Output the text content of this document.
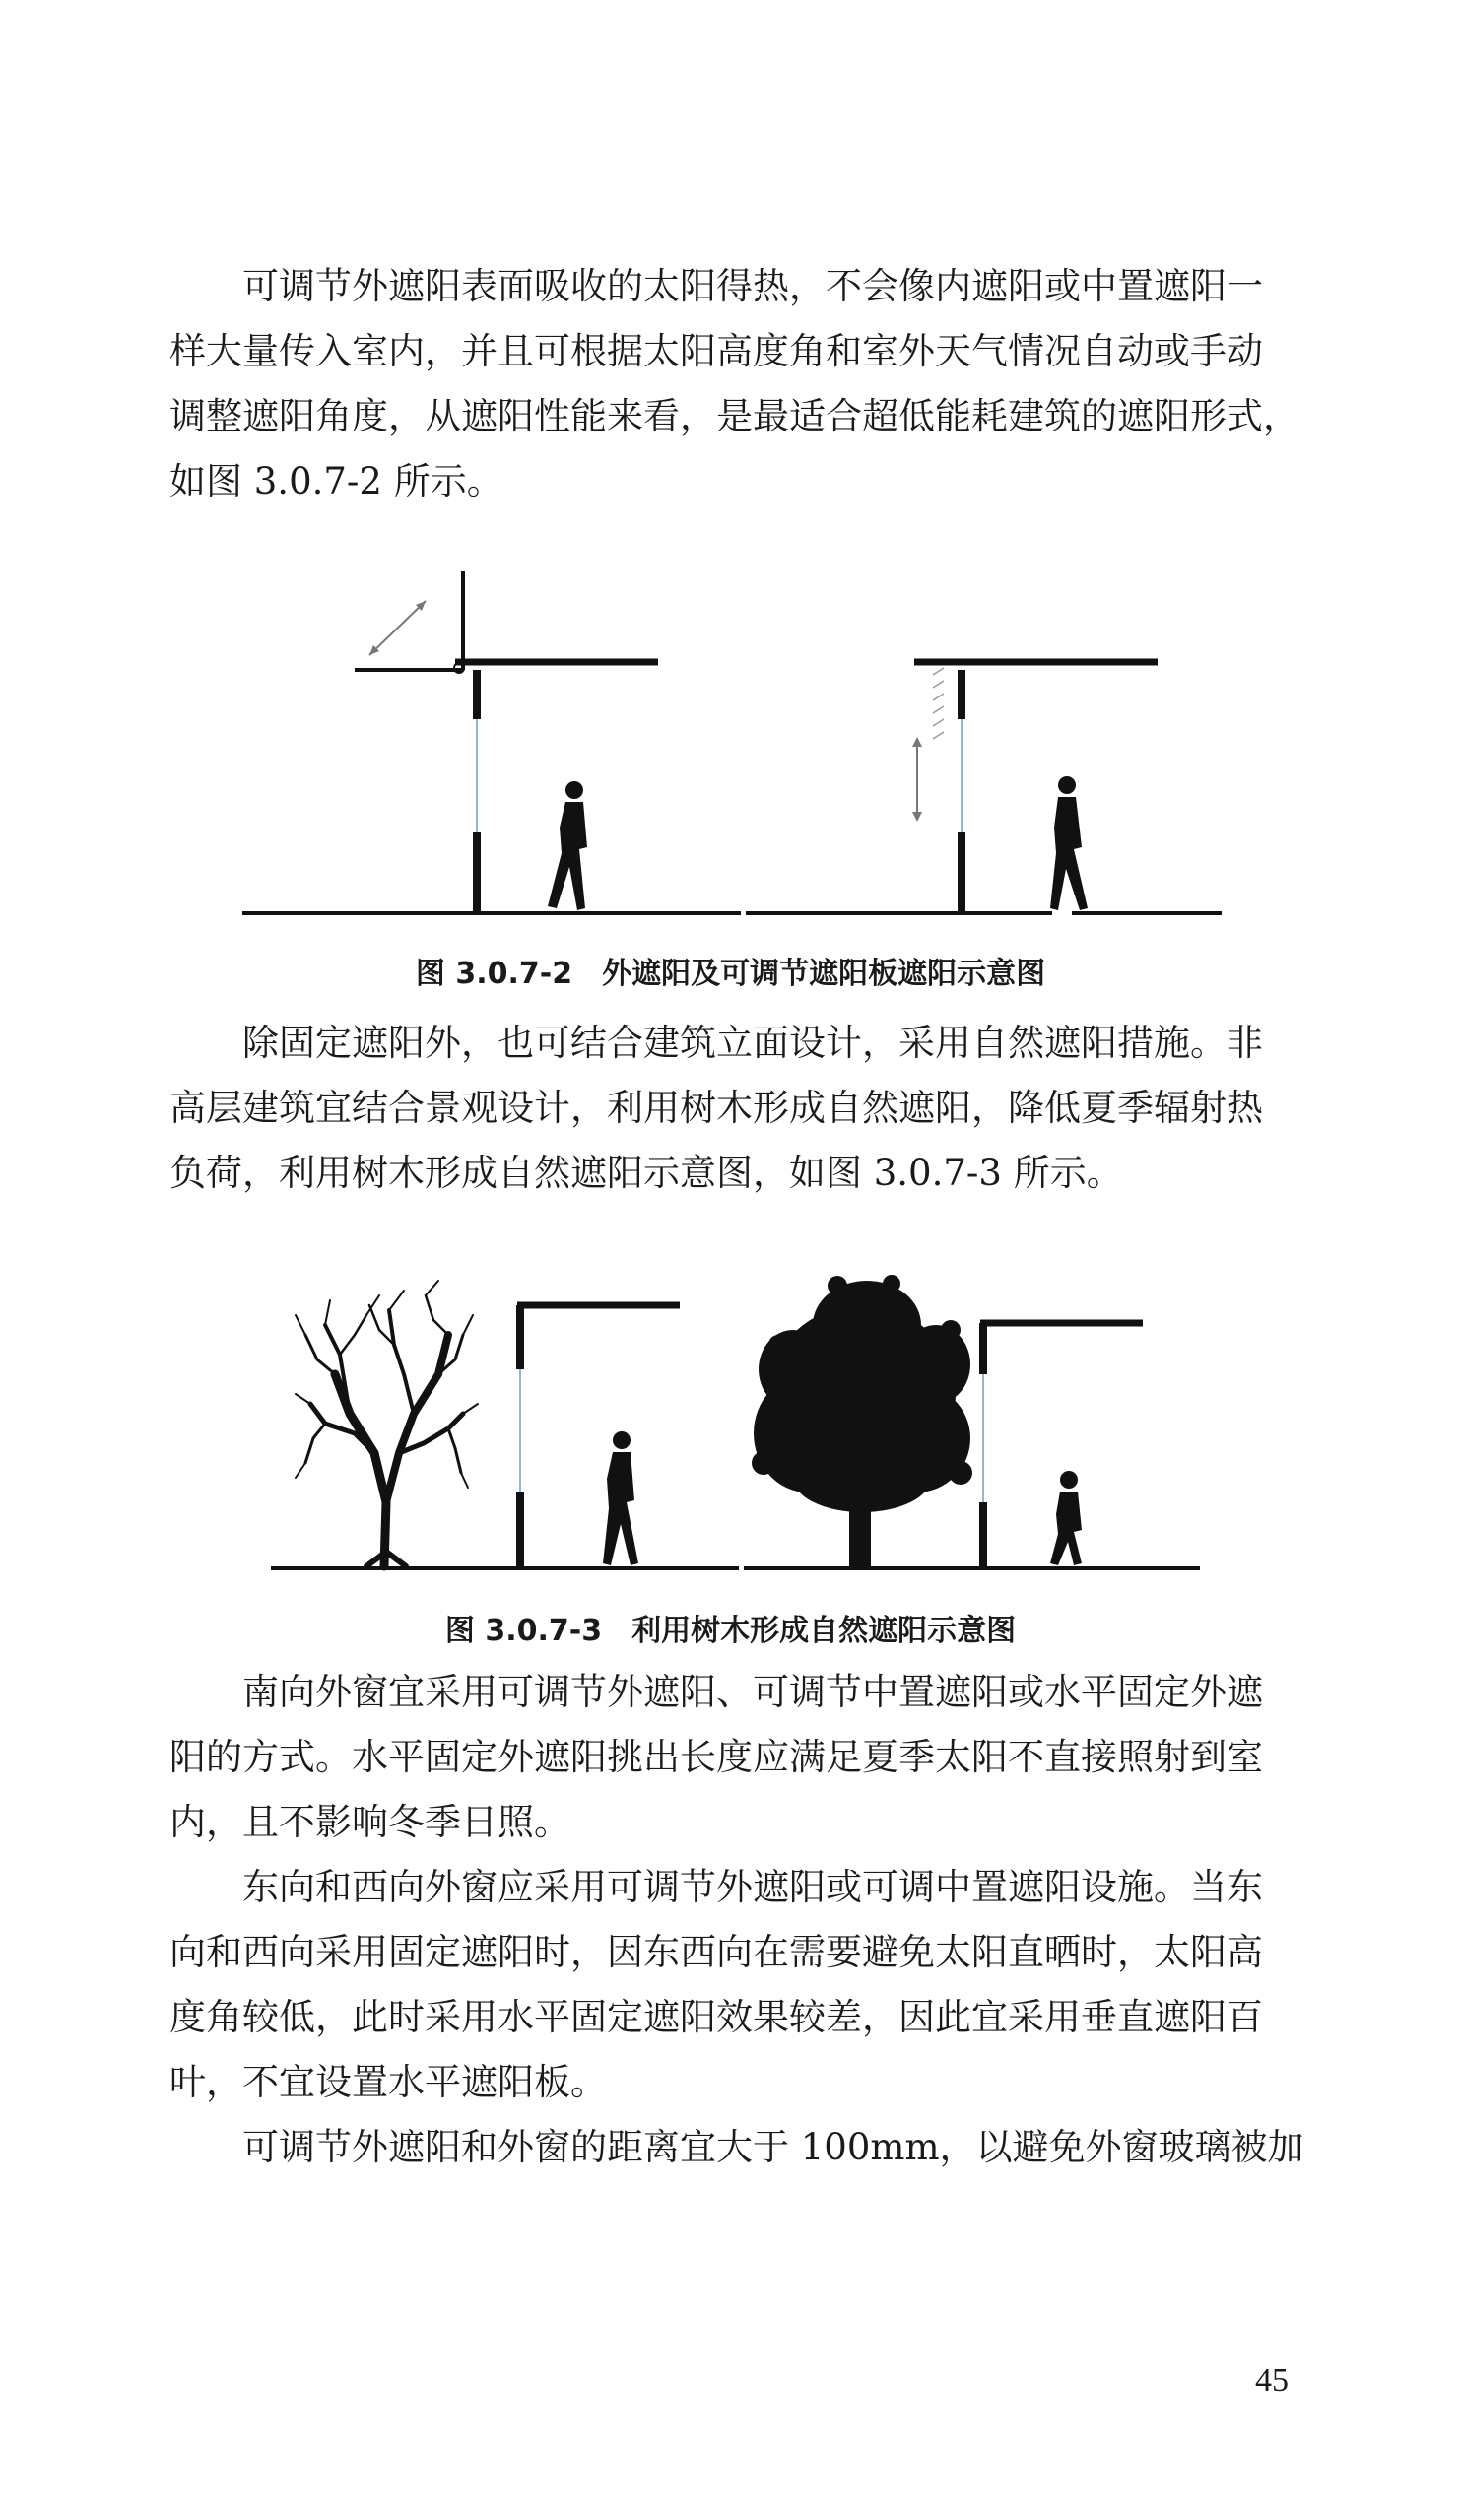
可调节外遮阳表面吸收的太阳得热，不会像内遮阳或中置遮阳一
样大量传入室内，并且可根据太阳高度角和室外天气情况自动或手动
调整遮阳角度，从遮阳性能来看，是最适合超低能耗建筑的遮阳形式，
如图 3.0.7-2 所示。
图 3.0.7-2　外遮阳及可调节遮阳板遮阳示意图
除固定遮阳外，也可结合建筑立面设计，采用自然遮阳措施。非
高层建筑宜结合景观设计，利用树木形成自然遮阳，降低夏季辐射热
负荷，利用树木形成自然遮阳示意图，如图 3.0.7-3 所示。
图 3.0.7-3　利用树木形成自然遮阳示意图
南向外窗宜采用可调节外遮阳、可调节中置遮阳或水平固定外遮
阳的方式。水平固定外遮阳挑出长度应满足夏季太阳不直接照射到室
内，且不影响冬季日照。
东向和西向外窗应采用可调节外遮阳或可调中置遮阳设施。当东
向和西向采用固定遮阳时，因东西向在需要避免太阳直晒时，太阳高
度角较低，此时采用水平固定遮阳效果较差，因此宜采用垂直遮阳百
叶，不宜设置水平遮阳板。
可调节外遮阳和外窗的距离宜大于 100mm，以避免外窗玻璃被加
45
